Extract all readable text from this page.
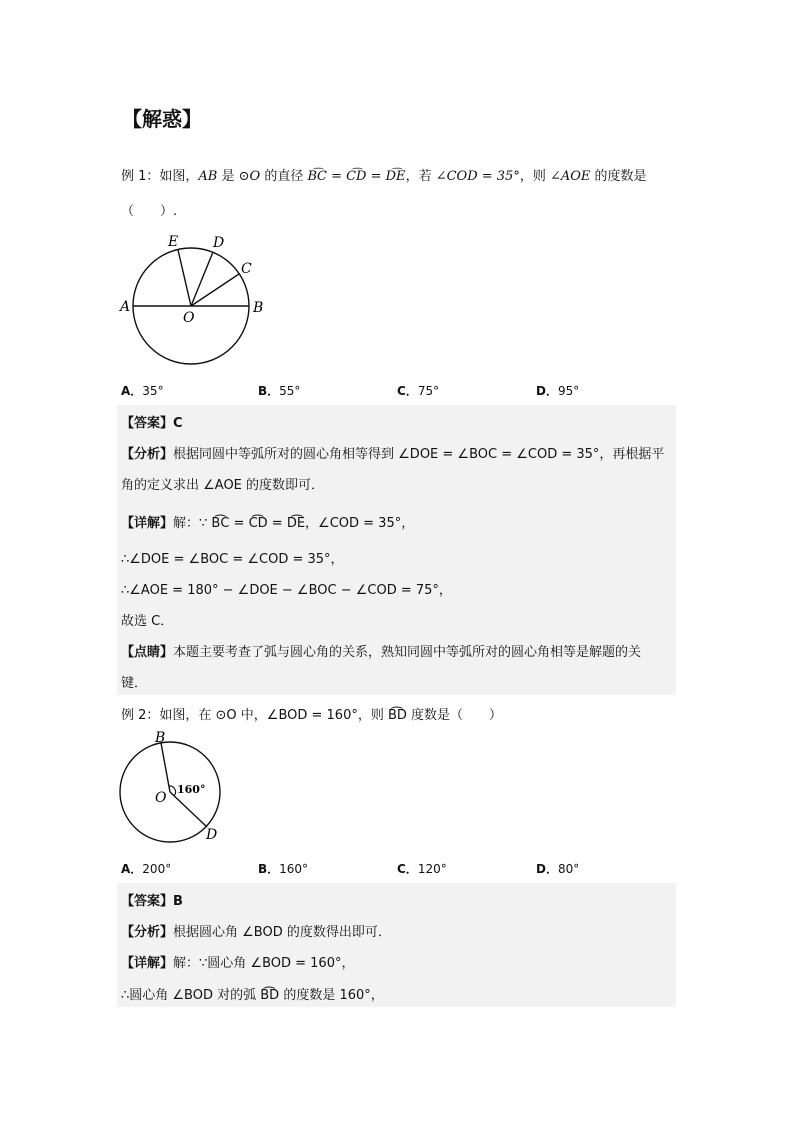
【解惑】
例 1：如图，AB 是 ⊙O 的直径 B͡C = C͡D = D͡E，若 ∠COD = 35°，则 ∠AOE 的度数是
（　　）.
E D
C
A
O
B
A．35°	B．55°	C．75°	D．95°
【答案】C
【分析】根据同圆中等弧所对的圆心角相等得到 ∠DOE = ∠BOC = ∠COD = 35°，再根据平
角的定义求出 ∠AOE 的度数即可．
【详解】解：∵ B͡C = C͡D = D͡E，∠COD = 35°，
∴∠DOE = ∠BOC = ∠COD = 35°，
∴∠AOE = 180° − ∠DOE − ∠BOC − ∠COD = 75°，
故选 C．
【点睛】本题主要考查了弧与圆心角的关系，熟知同圆中等弧所对的圆心角相等是解题的关
键．
例 2：如图，在 ⊙O 中，∠BOD = 160°，则 B͡D 度数是（　　）
B
O
160°
D
A．200°	B．160°	C．120°	D．80°
【答案】B
【分析】根据圆心角 ∠BOD 的度数得出即可．
【详解】解：∵圆心角 ∠BOD = 160°，
∴圆心角 ∠BOD 对的弧 B͡D 的度数是 160°，
